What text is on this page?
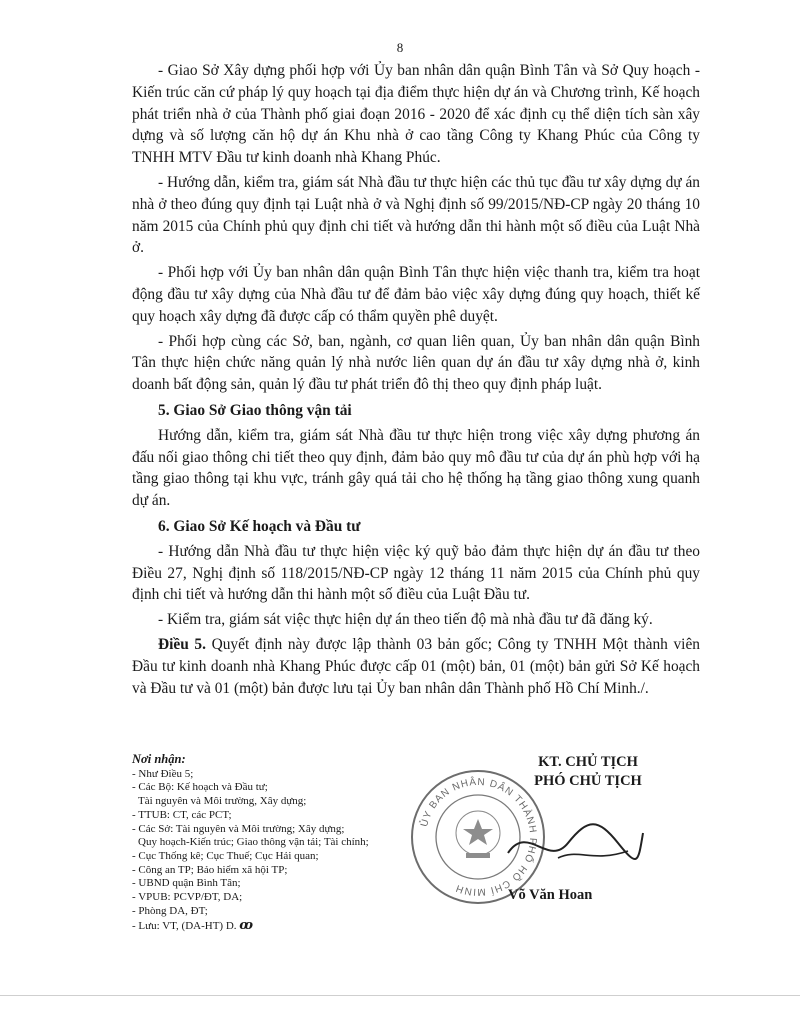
8

- Giao Sở Xây dựng phối hợp với Ủy ban nhân dân quận Bình Tân và Sở Quy hoạch - Kiến trúc căn cứ pháp lý quy hoạch tại địa điểm thực hiện dự án và Chương trình, Kế hoạch phát triển nhà ở của Thành phố giai đoạn 2016 - 2020 để xác định cụ thể diện tích sàn xây dựng và số lượng căn hộ dự án Khu nhà ở cao tầng Công ty Khang Phúc của Công ty TNHH MTV Đầu tư kinh doanh nhà Khang Phúc.

- Hướng dẫn, kiểm tra, giám sát Nhà đầu tư thực hiện các thủ tục đầu tư xây dựng dự án nhà ở theo đúng quy định tại Luật nhà ở và Nghị định số 99/2015/NĐ-CP ngày 20 tháng 10 năm 2015 của Chính phủ quy định chi tiết và hướng dẫn thi hành một số điều của Luật Nhà ở.

- Phối hợp với Ủy ban nhân dân quận Bình Tân thực hiện việc thanh tra, kiểm tra hoạt động đầu tư xây dựng của Nhà đầu tư để đảm bảo việc xây dựng đúng quy hoạch, thiết kế quy hoạch xây dựng đã được cấp có thẩm quyền phê duyệt.

- Phối hợp cùng các Sở, ban, ngành, cơ quan liên quan, Ủy ban nhân dân quận Bình Tân thực hiện chức năng quản lý nhà nước liên quan dự án đầu tư xây dựng nhà ở, kinh doanh bất động sản, quản lý đầu tư phát triển đô thị theo quy định pháp luật.

5. Giao Sở Giao thông vận tải

Hướng dẫn, kiểm tra, giám sát Nhà đầu tư thực hiện trong việc xây dựng phương án đấu nối giao thông chi tiết theo quy định, đảm bảo quy mô đầu tư của dự án phù hợp với hạ tầng giao thông tại khu vực, tránh gây quá tải cho hệ thống hạ tầng giao thông xung quanh dự án.

6. Giao Sở Kế hoạch và Đầu tư

- Hướng dẫn Nhà đầu tư thực hiện việc ký quỹ bảo đảm thực hiện dự án đầu tư theo Điều 27, Nghị định số 118/2015/NĐ-CP ngày 12 tháng 11 năm 2015 của Chính phủ quy định chi tiết và hướng dẫn thi hành một số điều của Luật Đầu tư.

- Kiểm tra, giám sát việc thực hiện dự án theo tiến độ mà nhà đầu tư đã đăng ký.

Điều 5. Quyết định này được lập thành 03 bản gốc; Công ty TNHH Một thành viên Đầu tư kinh doanh nhà Khang Phúc được cấp 01 (một) bản, 01 (một) bản gửi Sở Kế hoạch và Đầu tư và 01 (một) bản được lưu tại Ủy ban nhân dân Thành phố Hồ Chí Minh./.

Nơi nhận:
- Như Điều 5;
- Các Bộ: Kế hoạch và Đầu tư;
Tài nguyên và Môi trường, Xây dựng;
- TTUB: CT, các PCT;
- Các Sở: Tài nguyên và Môi trường; Xây dựng;
Quy hoạch-Kiến trúc; Giao thông vận tải; Tài chính;
- Cục Thống kê; Cục Thuế; Cục Hải quan;
- Công an TP; Bảo hiểm xã hội TP;
- UBND quận Bình Tân;
- VPUB: PCVP/ĐT, DA;
- Phòng DA, ĐT;
- Lưu: VT, (DA-HT) D. ꝏ
ỦY BAN NHÂN DÂN THÀNH PHỐ HỒ CHÍ MINH
KT. CHỦ TỊCH
PHÓ CHỦ TỊCH
Võ Văn Hoan
